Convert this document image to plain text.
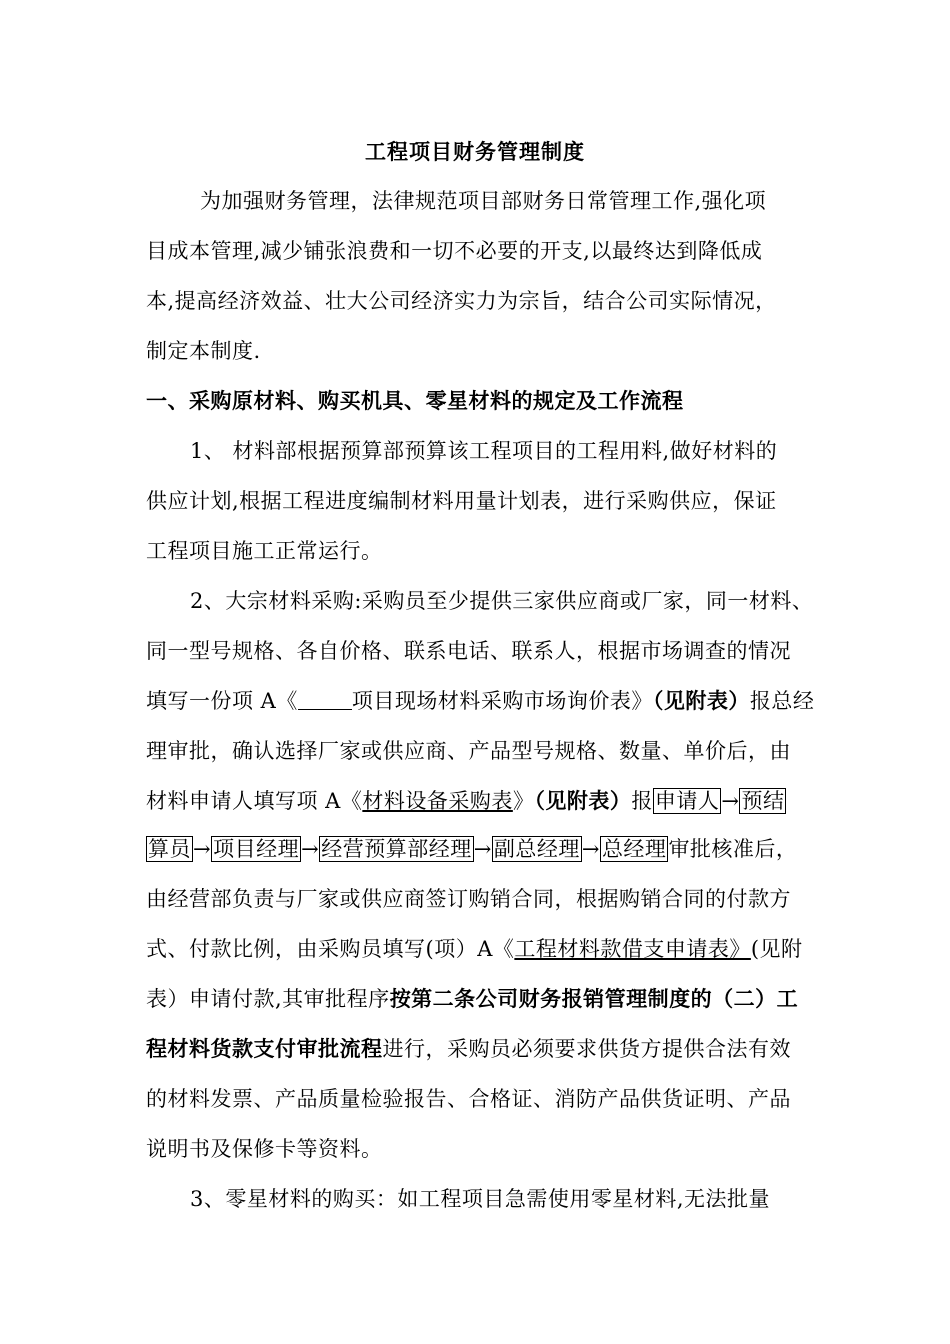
工程项目财务管理制度
为加强财务管理，法律规范项目部财务日常管理工作,强化项
目成本管理,减少铺张浪费和一切不必要的开支,以最终达到降低成
本,提高经济效益、壮大公司经济实力为宗旨，结合公司实际情况，
制定本制度.
一、采购原材料、购买机具、零星材料的规定及工作流程
1、 材料部根据预算部预算该工程项目的工程用料,做好材料的
供应计划,根据工程进度编制材料用量计划表，进行采购供应，保证
工程项目施工正常运行。
2、大宗材料采购:采购员至少提供三家供应商或厂家，同一材料、
同一型号规格、各自价格、联系电话、联系人，根据市场调查的情况
填写一份项 A《	项目现场材料采购市场询价表》（见附表）报总经
理审批，确认选择厂家或供应商、产品型号规格、数量、单价后，由
材料申请人填写项 A《材料设备采购表》（见附表）报申请人→预结
算员→项目经理→经营预算部经理→副总经理→总经理审批核准后，
由经营部负责与厂家或供应商签订购销合同，根据购销合同的付款方
式、付款比例，由采购员填写(项）A《工程材料款借支申请表》(见附
表）申请付款,其审批程序按第二条公司财务报销管理制度的（二）工
程材料货款支付审批流程进行，采购员必须要求供货方提供合法有效
的材料发票、产品质量检验报告、合格证、消防产品供货证明、产品
说明书及保修卡等资料。
3、零星材料的购买：如工程项目急需使用零星材料,无法批量
